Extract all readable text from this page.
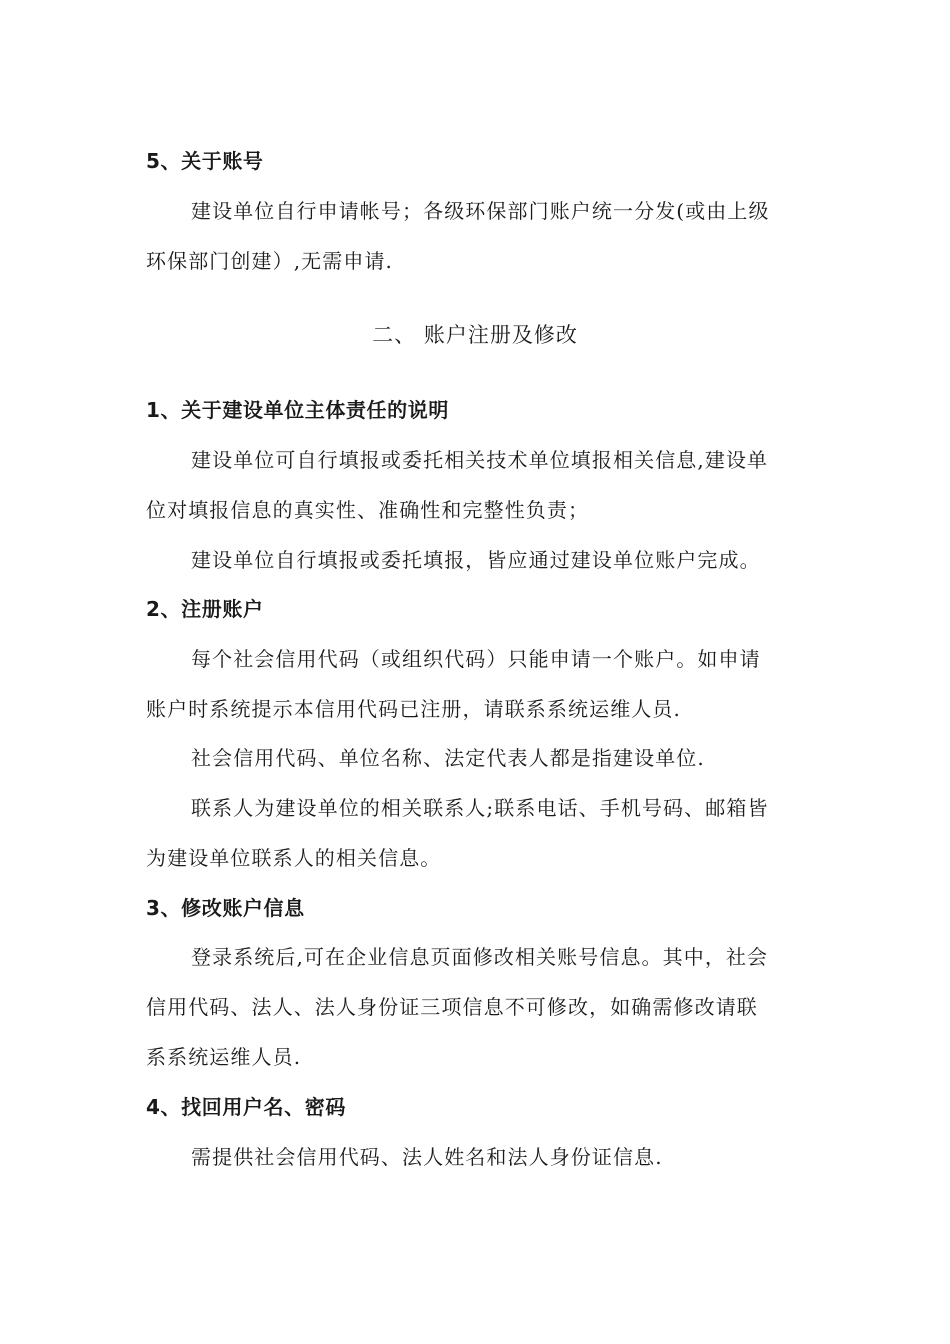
5、关于账号
建设单位自行申请帐号；各级环保部门账户统一分发(或由上级
环保部门创建）,无需申请.
二、 账户注册及修改
1、关于建设单位主体责任的说明
建设单位可自行填报或委托相关技术单位填报相关信息,建设单
位对填报信息的真实性、准确性和完整性负责；
建设单位自行填报或委托填报，皆应通过建设单位账户完成。
2、注册账户
每个社会信用代码（或组织代码）只能申请一个账户。如申请
账户时系统提示本信用代码已注册，请联系系统运维人员.
社会信用代码、单位名称、法定代表人都是指建设单位.
联系人为建设单位的相关联系人;联系电话、手机号码、邮箱皆
为建设单位联系人的相关信息。
3、修改账户信息
登录系统后,可在企业信息页面修改相关账号信息。其中，社会
信用代码、法人、法人身份证三项信息不可修改，如确需修改请联
系系统运维人员.
4、找回用户名、密码
需提供社会信用代码、法人姓名和法人身份证信息.
